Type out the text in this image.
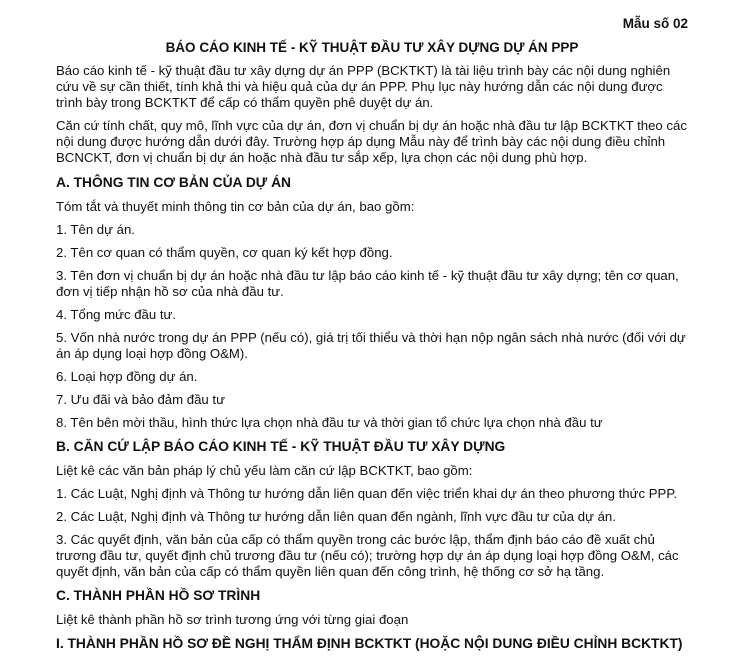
Mẫu số 02
BÁO CÁO KINH TẾ - KỸ THUẬT ĐẦU TƯ XÂY DỰNG DỰ ÁN PPP

Báo cáo kinh tế - kỹ thuật đầu tư xây dựng dự án PPP (BCKTKT) là tài liệu trình bày các nội dung nghiên cứu về sự cần thiết, tính khả thi và hiệu quả của dự án PPP. Phụ lục này hướng dẫn các nội dung được trình bày trong BCKTKT để cấp có thẩm quyền phê duyệt dự án.

Căn cứ tính chất, quy mô, lĩnh vực của dự án, đơn vị chuẩn bị dự án hoặc nhà đầu tư lập BCKTKT theo các nội dung được hướng dẫn dưới đây. Trường hợp áp dụng Mẫu này để trình bày các nội dung điều chỉnh BCNCKT, đơn vị chuẩn bị dự án hoặc nhà đầu tư sắp xếp, lựa chọn các nội dung phù hợp.

A. THÔNG TIN CƠ BẢN CỦA DỰ ÁN

Tóm tắt và thuyết minh thông tin cơ bản của dự án, bao gồm:

1. Tên dự án.
2. Tên cơ quan có thẩm quyền, cơ quan ký kết hợp đồng.
3. Tên đơn vị chuẩn bị dự án hoặc nhà đầu tư lập báo cáo kinh tế - kỹ thuật đầu tư xây dựng; tên cơ quan, đơn vị tiếp nhận hồ sơ của nhà đầu tư.
4. Tổng mức đầu tư.
5. Vốn nhà nước trong dự án PPP (nếu có), giá trị tối thiểu và thời hạn nộp ngân sách nhà nước (đối với dự án áp dụng loại hợp đồng O&M).
6. Loại hợp đồng dự án.
7. Ưu đãi và bảo đảm đầu tư
8. Tên bên mời thầu, hình thức lựa chọn nhà đầu tư và thời gian tổ chức lựa chọn nhà đầu tư
B. CĂN CỨ LẬP BÁO CÁO KINH TẾ - KỸ THUẬT ĐẦU TƯ XÂY DỰNG

Liệt kê các văn bản pháp lý chủ yếu làm căn cứ lập BCKTKT, bao gồm:

1. Các Luật, Nghị định và Thông tư hướng dẫn liên quan đến việc triển khai dự án theo phương thức PPP.
2. Các Luật, Nghị định và Thông tư hướng dẫn liên quan đến ngành, lĩnh vực đầu tư của dự án.
3. Các quyết định, văn bản của cấp có thẩm quyền trong các bước lập, thẩm định báo cáo đề xuất chủ trương đầu tư, quyết định chủ trương đầu tư (nếu có); trường hợp dự án áp dụng loại hợp đồng O&M, các quyết định, văn bản của cấp có thẩm quyền liên quan đến công trình, hệ thống cơ sở hạ tầng.
C. THÀNH PHẦN HỒ SƠ TRÌNH

Liệt kê thành phần hồ sơ trình tương ứng với từng giai đoạn

I. THÀNH PHẦN HỒ SƠ ĐỀ NGHỊ THẨM ĐỊNH BCKTKT (HOẶC NỘI DUNG ĐIỀU CHỈNH BCKTKT)
